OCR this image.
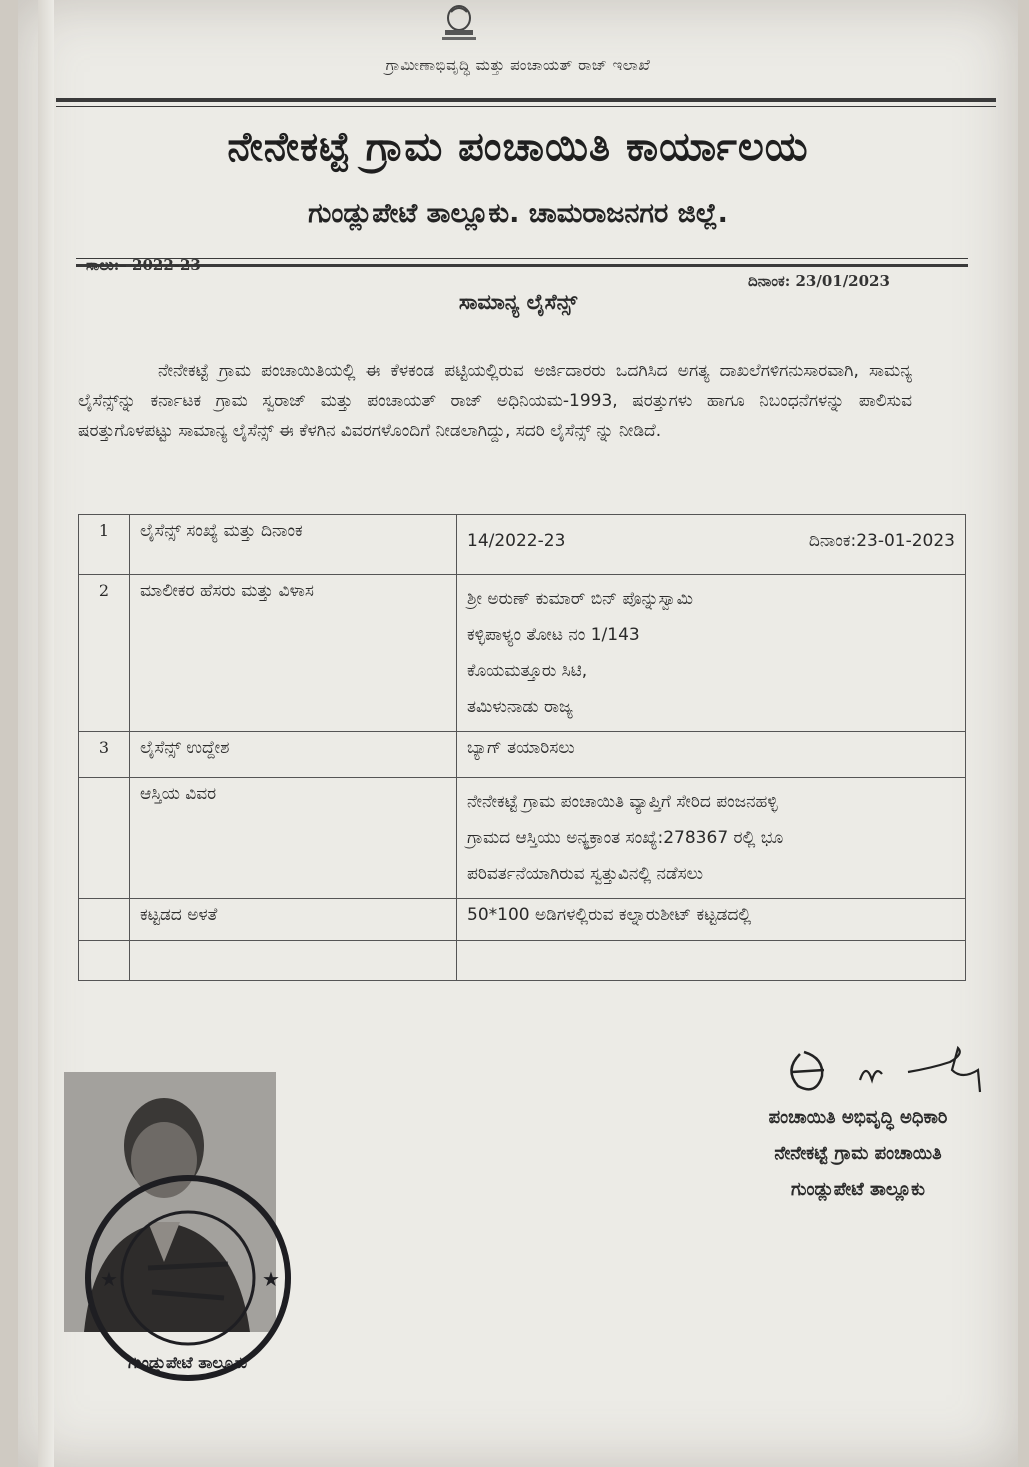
ಗ್ರಾಮೀಣಾಭಿವೃದ್ಧಿ ಮತ್ತು ಪಂಚಾಯತ್ ರಾಜ್ ಇಲಾಖೆ
ನೇನೇಕಟ್ಟೆ ಗ್ರಾಮ ಪಂಚಾಯಿತಿ ಕಾರ್ಯಾಲಯ
ಗುಂಡ್ಲುಪೇಟೆ ತಾಲ್ಲೂಕು. ಚಾಮರಾಜನಗರ ಜಿಲ್ಲೆ.
ಸಾಲು:– 2022-23
ದಿನಾಂಕ: 23/01/2023
ಸಾಮಾನ್ಯ ಲೈಸೆನ್ಸ್
ನೇನೇಕಟ್ಟೆ ಗ್ರಾಮ ಪಂಚಾಯಿತಿಯಲ್ಲಿ ಈ ಕೆಳಕಂಡ ಪಟ್ಟಿಯಲ್ಲಿರುವ ಅರ್ಜಿದಾರರು ಒದಗಿಸಿದ ಅಗತ್ಯ ದಾಖಲೆಗಳಿಗನುಸಾರವಾಗಿ, ಸಾಮನ್ಯ ಲೈಸೆನ್ಸ್‌ನ್ನು ಕರ್ನಾಟಕ ಗ್ರಾಮ ಸ್ವರಾಜ್ ಮತ್ತು ಪಂಚಾಯತ್ ರಾಜ್ ಅಧಿನಿಯಮ-1993, ಷರತ್ತುಗಳು ಹಾಗೂ ನಿಬಂಧನೆಗಳನ್ನು ಪಾಲಿಸುವ ಷರತ್ತುಗೊಳಪಟ್ಟು ಸಾಮಾನ್ಯ ಲೈಸೆನ್ಸ್ ಈ ಕೆಳಗಿನ ವಿವರಗಳೊಂದಿಗೆ ನೀಡಲಾಗಿದ್ದು, ಸದರಿ ಲೈಸೆನ್ಸ್ ನ್ನು ನೀಡಿದೆ.
1	ಲೈಸೆನ್ಸ್ ಸಂಖ್ಯೆ ಮತ್ತು ದಿನಾಂಕ	14/2022-23 ದಿನಾಂಕ:23-01-2023

2	ಮಾಲೀಕರ ಹೆಸರು ಮತ್ತು ವಿಳಾಸ	ಶ್ರೀ ಅರುಣ್ ಕುಮಾರ್ ಬಿನ್ ಪೊನ್ನುಸ್ವಾಮಿ
ಕಳ್ಳಿಪಾಳ್ಯಂ ತೋಟ ನಂ 1/143
ಕೊಯಮತ್ತೂರು ಸಿಟಿ,
ತಮಿಳುನಾಡು ರಾಜ್ಯ

3	ಲೈಸೆನ್ಸ್ ಉದ್ದೇಶ	ಬ್ಯಾಗ್ ತಯಾರಿಸಲು
	ಆಸ್ತಿಯ ವಿವರ	ನೇನೇಕಟ್ಟೆ ಗ್ರಾಮ ಪಂಚಾಯಿತಿ ವ್ಯಾಪ್ತಿಗೆ ಸೇರಿದ ಪಂಜನಹಳ್ಳಿ
ಗ್ರಾಮದ ಆಸ್ತಿಯು ಅನ್ಯಕ್ರಾಂತ ಸಂಖ್ಯೆ:278367 ರಲ್ಲಿ ಭೂ
ಪರಿವರ್ತನೆಯಾಗಿರುವ ಸ್ವತ್ತುವಿನಲ್ಲಿ ನಡೆಸಲು

	ಕಟ್ಟಡದ ಅಳತೆ	50*100 ಅಡಿಗಳಲ್ಲಿರುವ ಕಲ್ನಾರುಶೀಟ್ ಕಟ್ಟಡದಲ್ಲಿ

ಪಂಚಾಯಿತಿ ಅಭಿವೃದ್ಧಿ ಅಧಿಕಾರಿ
ನೇನೇಕಟ್ಟೆ ಗ್ರಾಮ ಪಂಚಾಯಿತಿ
ಗುಂಡ್ಲುಪೇಟೆ ತಾಲ್ಲೂಕು
★	★
ಗುಂಡ್ಲುಪೇಟೆ ತಾಲ್ಲೂಕು
